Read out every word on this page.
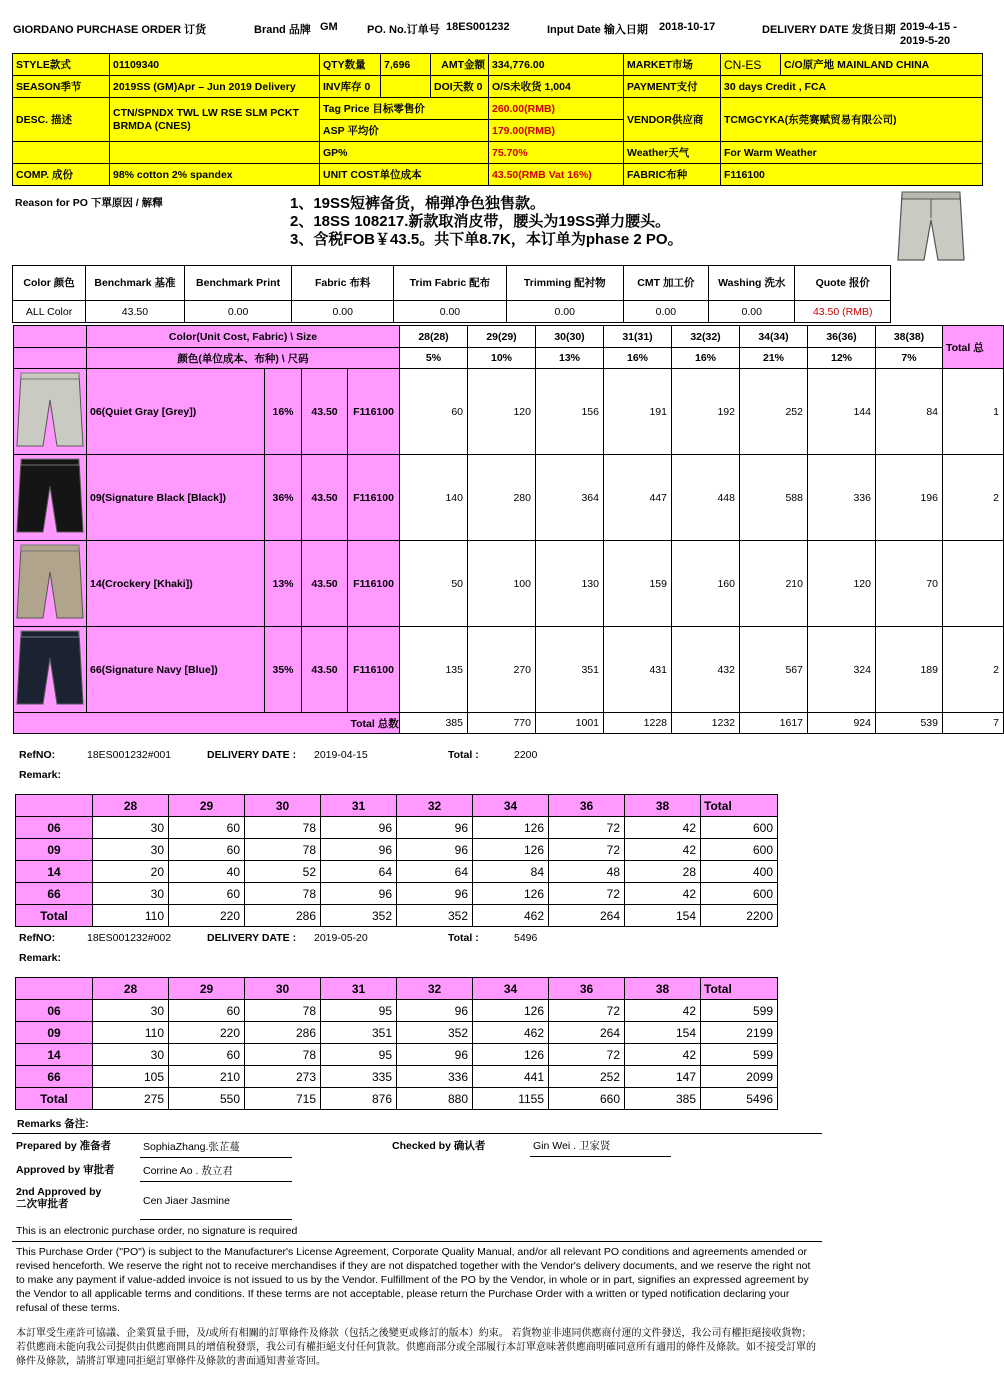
GIORDANO PURCHASE ORDER 订货	Brand 品牌 GM	PO. No.订单号 18ES001232	Input Date 输入日期 2018-10-17	DELIVERY DATE 发货日期 2019-4-15 -
2019-5-20
STYLE款式	01109340	QTY数量	7,696	AMT金额	334,776.00	MARKET市场	CN-ES	C/O原产地 MAINLAND CHINA
SEASON季节	2019SS (GM)Apr – Jun 2019 Delivery	INV库存 0		DOI天数 0	O/S未收货 1,004	PAYMENT支付	30 days Credit , FCA	
DESC. 描述	CTN/SPNDX TWL LW RSE SLM PCKT BRMDA (CNES)	Tag Price 目标零售价			260.00(RMB)	VENDOR供应商	TCMGCYKA(东莞赛赋贸易有限公司)	
		ASP 平均价			179.00(RMB)			
		GP%			75.70%	Weather天气	For Warm Weather	
COMP. 成份	98% cotton 2% spandex	UNIT COST单位成本			43.50(RMB Vat 16%)	FABRIC布种	F116100	
Reason for PO 下單原因 / 解釋	1、19SS短裤备货，棉弹净色独售款。
2、18SS 108217.新款取消皮带，腰头为19SS弹力腰头。
3、含税FOB￥43.5。共下单8.7K，本订单为phase 2 PO。
Color 颜色	Benchmark 基准	Benchmark Print	Fabric 布料	Trim Fabric 配布	Trimming 配衬物	CMT 加工价	Washing 洗水	Quote 报价
ALL Color	43.50	0.00	0.00	0.00	0.00	0.00	0.00	43.50 (RMB)
	Color(Unit Cost, Fabric) \ Size				28(28)	29(29)	30(30)	31(31)	32(32)	34(34)	36(36)	38(38)	Total 总
	颜色(单位成本、布种) \ 尺码				5%	10%	13%	16%	16%	21%	12%	7%	
	06(Quiet Gray [Grey])	16%	43.50	F116100	60	120	156	191	192	252	144	84	1
	09(Signature Black [Black])	36%	43.50	F116100	140	280	364	447	448	588	336	196	2
	14(Crockery [Khaki])	13%	43.50	F116100	50	100	130	159	160	210	120	70	
	66(Signature Navy [Blue])	35%	43.50	F116100	135	270	351	431	432	567	324	189	2
				Total 总数	385	770	1001	1228	1232	1617	924	539	7
RefNO:	18ES001232#001	DELIVERY DATE : 2019-04-15	Total :	2200
Remark:
	28	29	30	31	32	34	36	38	Total
06	30	60	78	96	96	126	72	42	600
09	30	60	78	96	96	126	72	42	600
14	20	40	52	64	64	84	48	28	400
66	30	60	78	96	96	126	72	42	600
Total	110	220	286	352	352	462	264	154	2200
RefNO:	18ES001232#002	DELIVERY DATE : 2019-05-20	Total :	5496
Remark:
	28	29	30	31	32	34	36	38	Total
06	30	60	78	95	96	126	72	42	599
09	110	220	286	351	352	462	264	154	2199
14	30	60	78	95	96	126	72	42	599
66	105	210	273	335	336	441	252	147	2099
Total	275	550	715	876	880	1155	660	385	5496
Remarks 备注:
Prepared by 准备者	SophiaZhang.张芷蔓	Checked by 确认者	Gin Wei . 卫家贤
Approved by 审批者	Corrine Ao . 敖立君
2nd Approved by
二次审批者	Cen Jiaer Jasmine
This is an electronic purchase order, no signature is required
This Purchase Order ("PO") is subject to the Manufacturer's License Agreement, Corporate Quality Manual, and/or all relevant PO conditions and agreements amended or revised henceforth. We reserve the right not to receive merchandises if they are not dispatched together with the Vendor's delivery documents, and we reserve the right not to make any payment if value-added invoice is not issued to us by the Vendor. Fulfillment of the PO by the Vendor, in whole or in part, signifies an expressed agreement by the Vendor to all applicable terms and conditions. If these terms are not acceptable, please return the Purchase Order with a written or typed notification declaring your refusal of these terms.
本訂單受生產許可協議、企業質量手冊，及/或所有相關的訂單條件及條款（包括之後變更或修訂的版本）約束。 若貨物並非連同供應商付運的文件發送，我公司有權拒絕接收貨物；若供應商未能向我公司提供由供應商開具的增值稅發票，我公司有權拒絕支付任何貨款。供應商部分或全部履行本訂單意味著供應商明確同意所有適用的條件及條款。如不接受訂單的條件及條款，請將訂單連同拒絕訂單條件及條款的書面通知書並寄回。
